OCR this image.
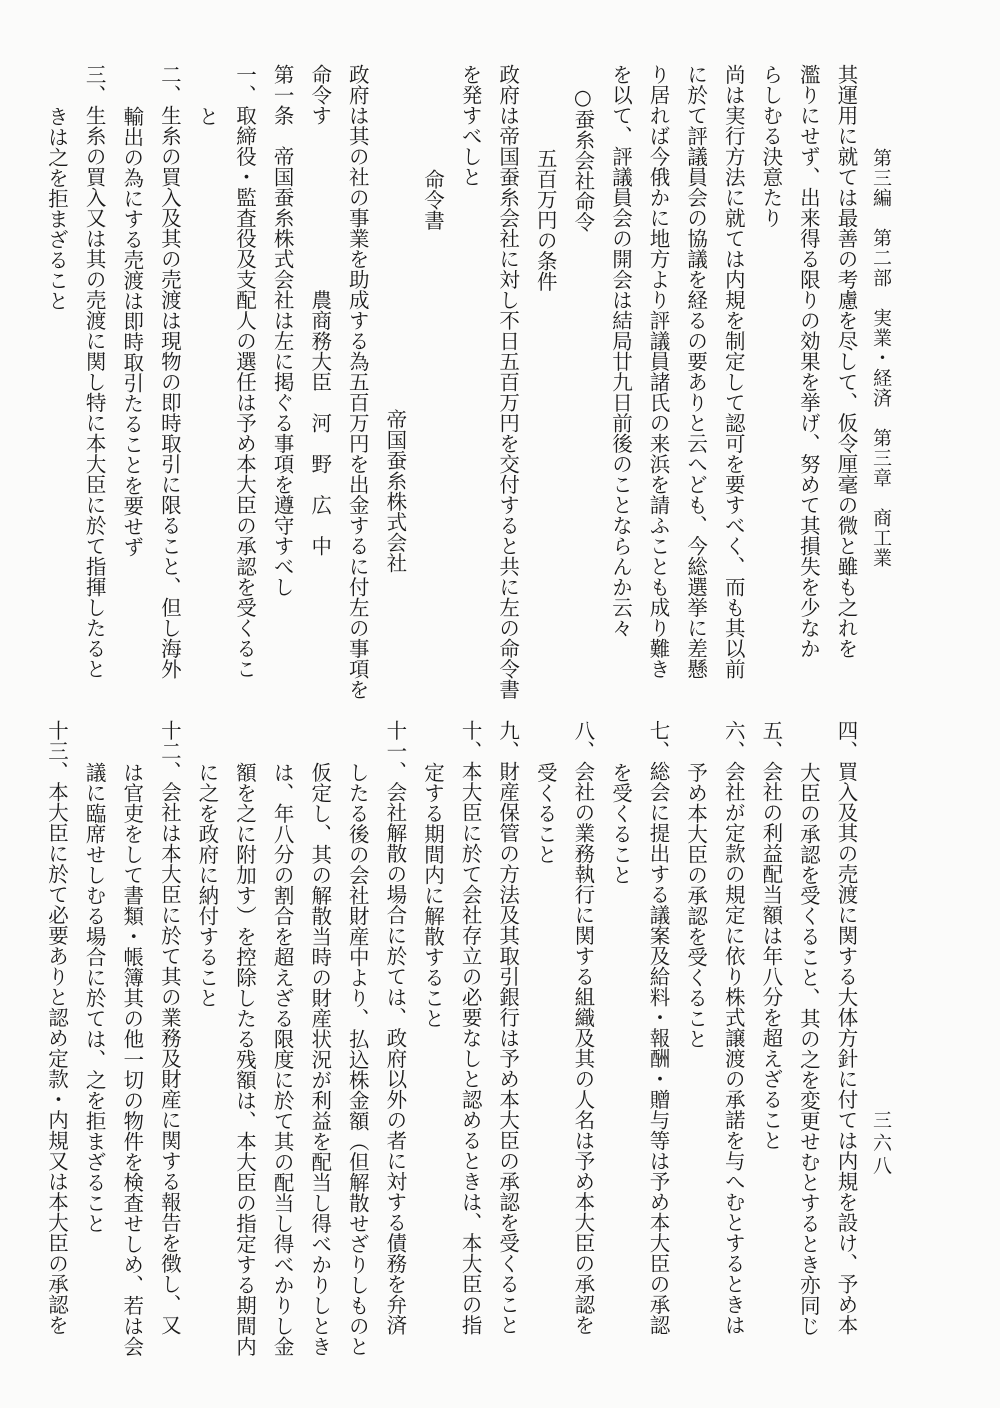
第三編　第二部　実業・経済　第三章　商工業
三六八
其運用に就ては最善の考慮を尽して、仮令厘毫の微と雖も之れを
濫りにせず、出来得る限りの効果を挙げ、努めて其損失を少なか
らしむる決意たり
尚は実行方法に就ては内規を制定して認可を要すべく、而も其以前
に於て評議員会の協議を経るの要ありと云へども、今総選挙に差懸
り居れば今俄かに地方より評議員諸氏の来浜を請ふことも成り難き
を以て、評議員会の開会は結局廿九日前後のことならんか云々
○蚕糸会社命令
五百万円の条件
政府は帝国蚕糸会社に対し不日五百万円を交付すると共に左の命令書
を発すべしと
命令書
帝国蚕糸株式会社
政府は其の社の事業を助成する為五百万円を出金するに付左の事項を
命令す　　　　　　　　農商務大臣　河　野　広　中
第一条　帝国蚕糸株式会社は左に掲ぐる事項を遵守すべし
一、取締役・監査役及支配人の選任は予め本大臣の承認を受くるこ
と
二、生糸の買入及其の売渡は現物の即時取引に限ること、但し海外
輸出の為にする売渡は即時取引たることを要せず
三、生糸の買入又は其の売渡に関し特に本大臣に於て指揮したると
きは之を拒まざること
四、買入及其の売渡に関する大体方針に付ては内規を設け、予め本
大臣の承認を受くること、其の之を変更せむとするとき亦同じ
五、会社の利益配当額は年八分を超えざること
六、会社が定款の規定に依り株式譲渡の承諾を与へむとするときは
予め本大臣の承認を受くること
七、総会に提出する議案及給料・報酬・贈与等は予め本大臣の承認
を受くること
八、会社の業務執行に関する組織及其の人名は予め本大臣の承認を
受くること
九、財産保管の方法及其取引銀行は予め本大臣の承認を受くること
十、本大臣に於て会社存立の必要なしと認めるときは、本大臣の指
定する期間内に解散すること
十一、会社解散の場合に於ては、政府以外の者に対する債務を弁済
したる後の会社財産中より、払込株金額（但解散せざりしものと
仮定し、其の解散当時の財産状況が利益を配当し得べかりしとき
は、年八分の割合を超えざる限度に於て其の配当し得べかりし金
額を之に附加す）を控除したる残額は、本大臣の指定する期間内
に之を政府に納付すること
十二、会社は本大臣に於て其の業務及財産に関する報告を徴し、又
は官吏をして書類・帳簿其の他一切の物件を検査せしめ、若は会
議に臨席せしむる場合に於ては、之を拒まざること
十三、本大臣に於て必要ありと認め定款・内規又は本大臣の承認を
